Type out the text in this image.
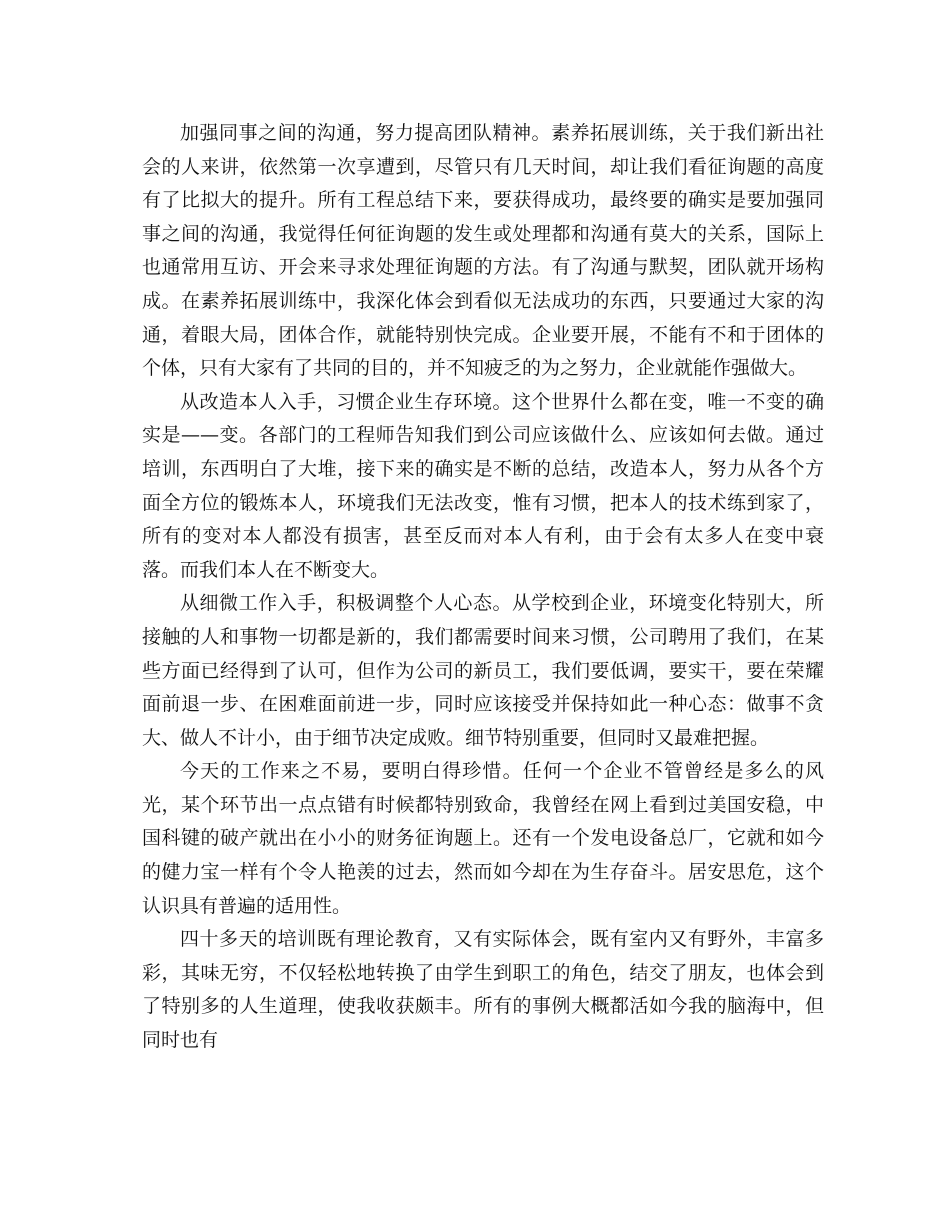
加强同事之间的沟通，努力提高团队精神。素养拓展训练，关于我们新出社会的人来讲，依然第一次享遭到，尽管只有几天时间，却让我们看征询题的高度有了比拟大的提升。所有工程总结下来，要获得成功，最终要的确实是要加强同事之间的沟通，我觉得任何征询题的发生或处理都和沟通有莫大的关系，国际上也通常用互访、开会来寻求处理征询题的方法。有了沟通与默契，团队就开场构成。在素养拓展训练中，我深化体会到看似无法成功的东西，只要通过大家的沟通，着眼大局，团体合作，就能特别快完成。企业要开展，不能有不和于团体的个体，只有大家有了共同的目的，并不知疲乏的为之努力，企业就能作强做大。

从改造本人入手，习惯企业生存环境。这个世界什么都在变，唯一不变的确实是——变。各部门的工程师告知我们到公司应该做什么、应该如何去做。通过培训，东西明白了大堆，接下来的确实是不断的总结，改造本人，努力从各个方面全方位的锻炼本人，环境我们无法改变，惟有习惯，把本人的技术练到家了，所有的变对本人都没有损害，甚至反而对本人有利，由于会有太多人在变中衰落。而我们本人在不断变大。

从细微工作入手，积极调整个人心态。从学校到企业，环境变化特别大，所接触的人和事物一切都是新的，我们都需要时间来习惯，公司聘用了我们，在某些方面已经得到了认可，但作为公司的新员工，我们要低调，要实干，要在荣耀面前退一步、在困难面前进一步，同时应该接受并保持如此一种心态：做事不贪大、做人不计小，由于细节决定成败。细节特别重要，但同时又最难把握。

今天的工作来之不易，要明白得珍惜。任何一个企业不管曾经是多么的风光，某个环节出一点点错有时候都特别致命，我曾经在网上看到过美国安稳，中国科键的破产就出在小小的财务征询题上。还有一个发电设备总厂，它就和如今的健力宝一样有个令人艳羡的过去，然而如今却在为生存奋斗。居安思危，这个认识具有普遍的适用性。

四十多天的培训既有理论教育，又有实际体会，既有室内又有野外，丰富多彩，其味无穷，不仅轻松地转换了由学生到职工的角色，结交了朋友，也体会到了特别多的人生道理，使我收获颇丰。所有的事例大概都活如今我的脑海中，但同时也有
